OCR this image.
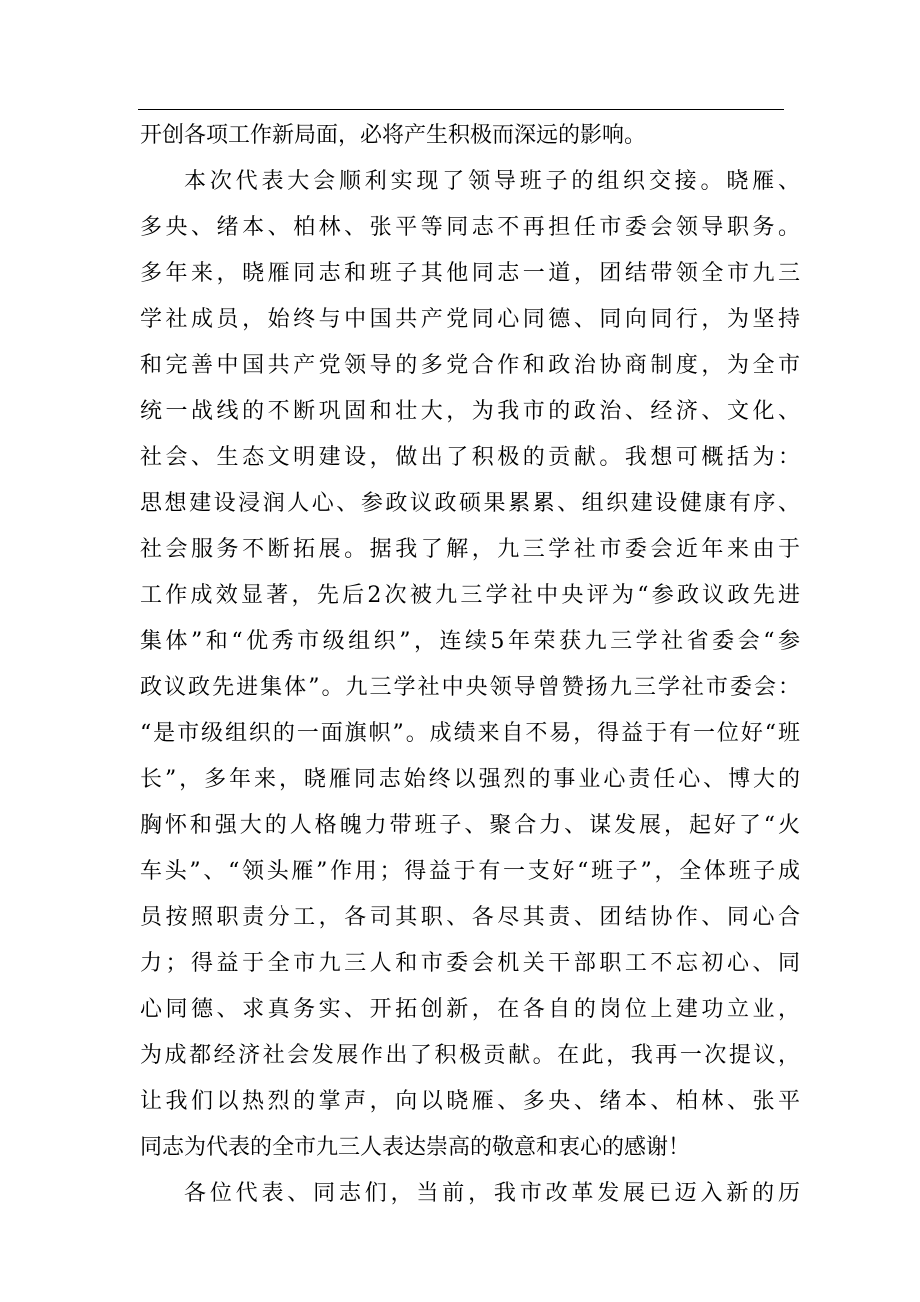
开创各项工作新局面，必将产生积极而深远的影响。
本次代表大会顺利实现了领导班子的组织交接。晓雁、
多央、绪本、柏林、张平等同志不再担任市委会领导职务。
多年来，晓雁同志和班子其他同志一道，团结带领全市九三
学社成员，始终与中国共产党同心同德、同向同行，为坚持
和完善中国共产党领导的多党合作和政治协商制度，为全市
统一战线的不断巩固和壮大，为我市的政治、经济、文化、
社会、生态文明建设，做出了积极的贡献。我想可概括为：
思想建设浸润人心、参政议政硕果累累、组织建设健康有序、
社会服务不断拓展。据我了解，九三学社市委会近年来由于
工作成效显著，先后2次被九三学社中央评为“参政议政先进
集体”和“优秀市级组织”，连续5年荣获九三学社省委会“参
政议政先进集体”。九三学社中央领导曾赞扬九三学社市委会：
“是市级组织的一面旗帜”。成绩来自不易，得益于有一位好“班
长”，多年来，晓雁同志始终以强烈的事业心责任心、博大的
胸怀和强大的人格魄力带班子、聚合力、谋发展，起好了“火
车头”、“领头雁”作用；得益于有一支好“班子”，全体班子成
员按照职责分工，各司其职、各尽其责、团结协作、同心合
力；得益于全市九三人和市委会机关干部职工不忘初心、同
心同德、求真务实、开拓创新，在各自的岗位上建功立业，
为成都经济社会发展作出了积极贡献。在此，我再一次提议，
让我们以热烈的掌声，向以晓雁、多央、绪本、柏林、张平
同志为代表的全市九三人表达崇高的敬意和衷心的感谢！
各位代表、同志们，当前，我市改革发展已迈入新的历
